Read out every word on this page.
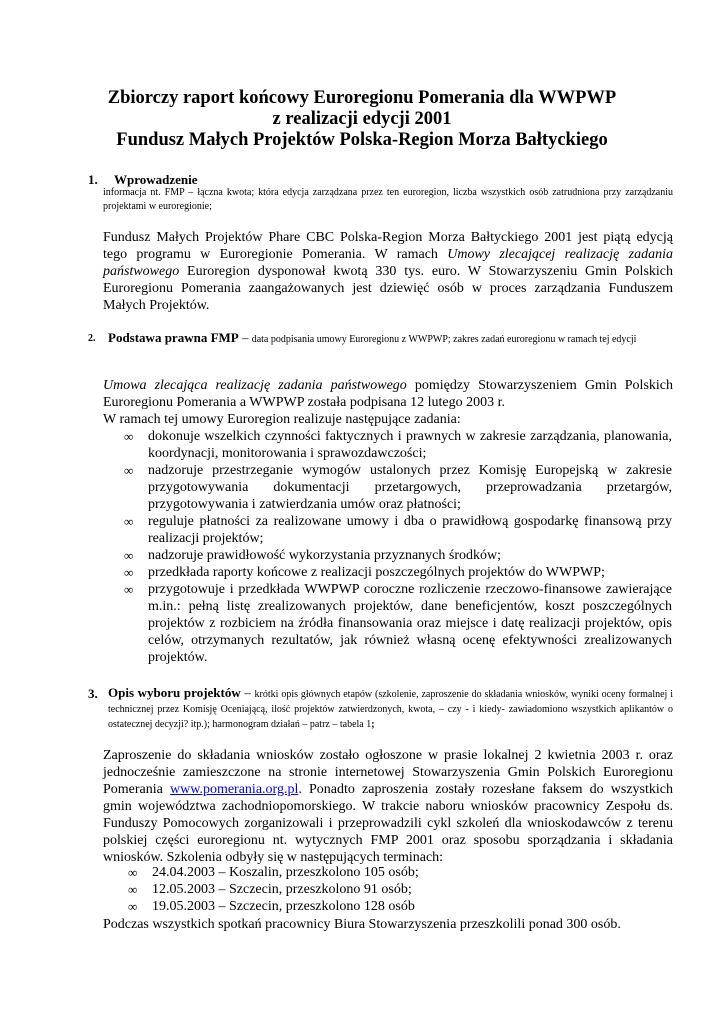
Zbiorczy raport końcowy Euroregionu Pomerania dla WWPWP
z realizacji edycji 2001
Fundusz Małych Projektów Polska-Region Morza Bałtyckiego
1. Wprowadzenie
informacja nt. FMP – łączna kwota; która edycja zarządzana przez ten euroregion, liczba wszystkich osób zatrudniona przy zarządzaniu projektami w euroregionie;
Fundusz Małych Projektów Phare CBC Polska-Region Morza Bałtyckiego 2001 jest piątą edycją tego programu w Euroregionie Pomerania. W ramach Umowy zlecającej realizację zadania państwowego Euroregion dysponował kwotą 330 tys. euro. W Stowarzyszeniu Gmin Polskich Euroregionu Pomerania zaangażowanych jest dziewięć osób w proces zarządzania Funduszem Małych Projektów.
2. Podstawa prawna FMP – data podpisania umowy Euroregionu z WWPWP; zakres zadań euroregionu w ramach tej edycji
Umowa zlecająca realizację zadania państwowego pomiędzy Stowarzyszeniem Gmin Polskich Euroregionu Pomerania a WWPWP została podpisana 12 lutego 2003 r.
W ramach tej umowy Euroregion realizuje następujące zadania:
∞ dokonuje wszelkich czynności faktycznych i prawnych w zakresie zarządzania, planowania, koordynacji, monitorowania i sprawozdawczości;
∞ nadzoruje przestrzeganie wymogów ustalonych przez Komisję Europejską w zakresie przygotowywania dokumentacji przetargowych, przeprowadzania przetargów, przygotowywania i zatwierdzania umów oraz płatności;
∞ reguluje płatności za realizowane umowy i dba o prawidłową gospodarkę finansową przy realizacji projektów;
∞ nadzoruje prawidłowość wykorzystania przyznanych środków;
∞ przedkłada raporty końcowe z realizacji poszczególnych projektów do WWPWP;
∞ przygotowuje i przedkłada WWPWP coroczne rozliczenie rzeczowo-finansowe zawierające m.in.: pełną listę zrealizowanych projektów, dane beneficjentów, koszt poszczególnych projektów z rozbiciem na źródła finansowania oraz miejsce i datę realizacji projektów, opis celów, otrzymanych rezultatów, jak również własną ocenę efektywności zrealizowanych projektów.
3. Opis wyboru projektów – krótki opis głównych etapów (szkolenie, zaproszenie do składania wniosków, wyniki oceny formalnej i technicznej przez Komisję Oceniającą, ilość projektów zatwierdzonych, kwota, – czy - i kiedy- zawiadomiono wszystkich aplikantów o ostatecznej decyzji? itp.); harmonogram działań – patrz – tabela 1;
Zaproszenie do składania wniosków zostało ogłoszone w prasie lokalnej 2 kwietnia 2003 r. oraz jednocześnie zamieszczone na stronie internetowej Stowarzyszenia Gmin Polskich Euroregionu Pomerania www.pomerania.org.pl. Ponadto zaproszenia zostały rozesłane faksem do wszystkich gmin województwa zachodniopomorskiego. W trakcie naboru wniosków pracownicy Zespołu ds. Funduszy Pomocowych zorganizowali i przeprowadzili cykl szkoleń dla wnioskodawców z terenu polskiej części euroregionu nt. wytycznych FMP 2001 oraz sposobu sporządzania i składania wniosków. Szkolenia odbyły się w następujących terminach:
∞ 24.04.2003 – Koszalin, przeszkolono 105 osób;
∞ 12.05.2003 – Szczecin, przeszkolono 91 osób;
∞ 19.05.2003 – Szczecin, przeszkolono 128 osób
Podczas wszystkich spotkań pracownicy Biura Stowarzyszenia przeszkolili ponad 300 osób.
